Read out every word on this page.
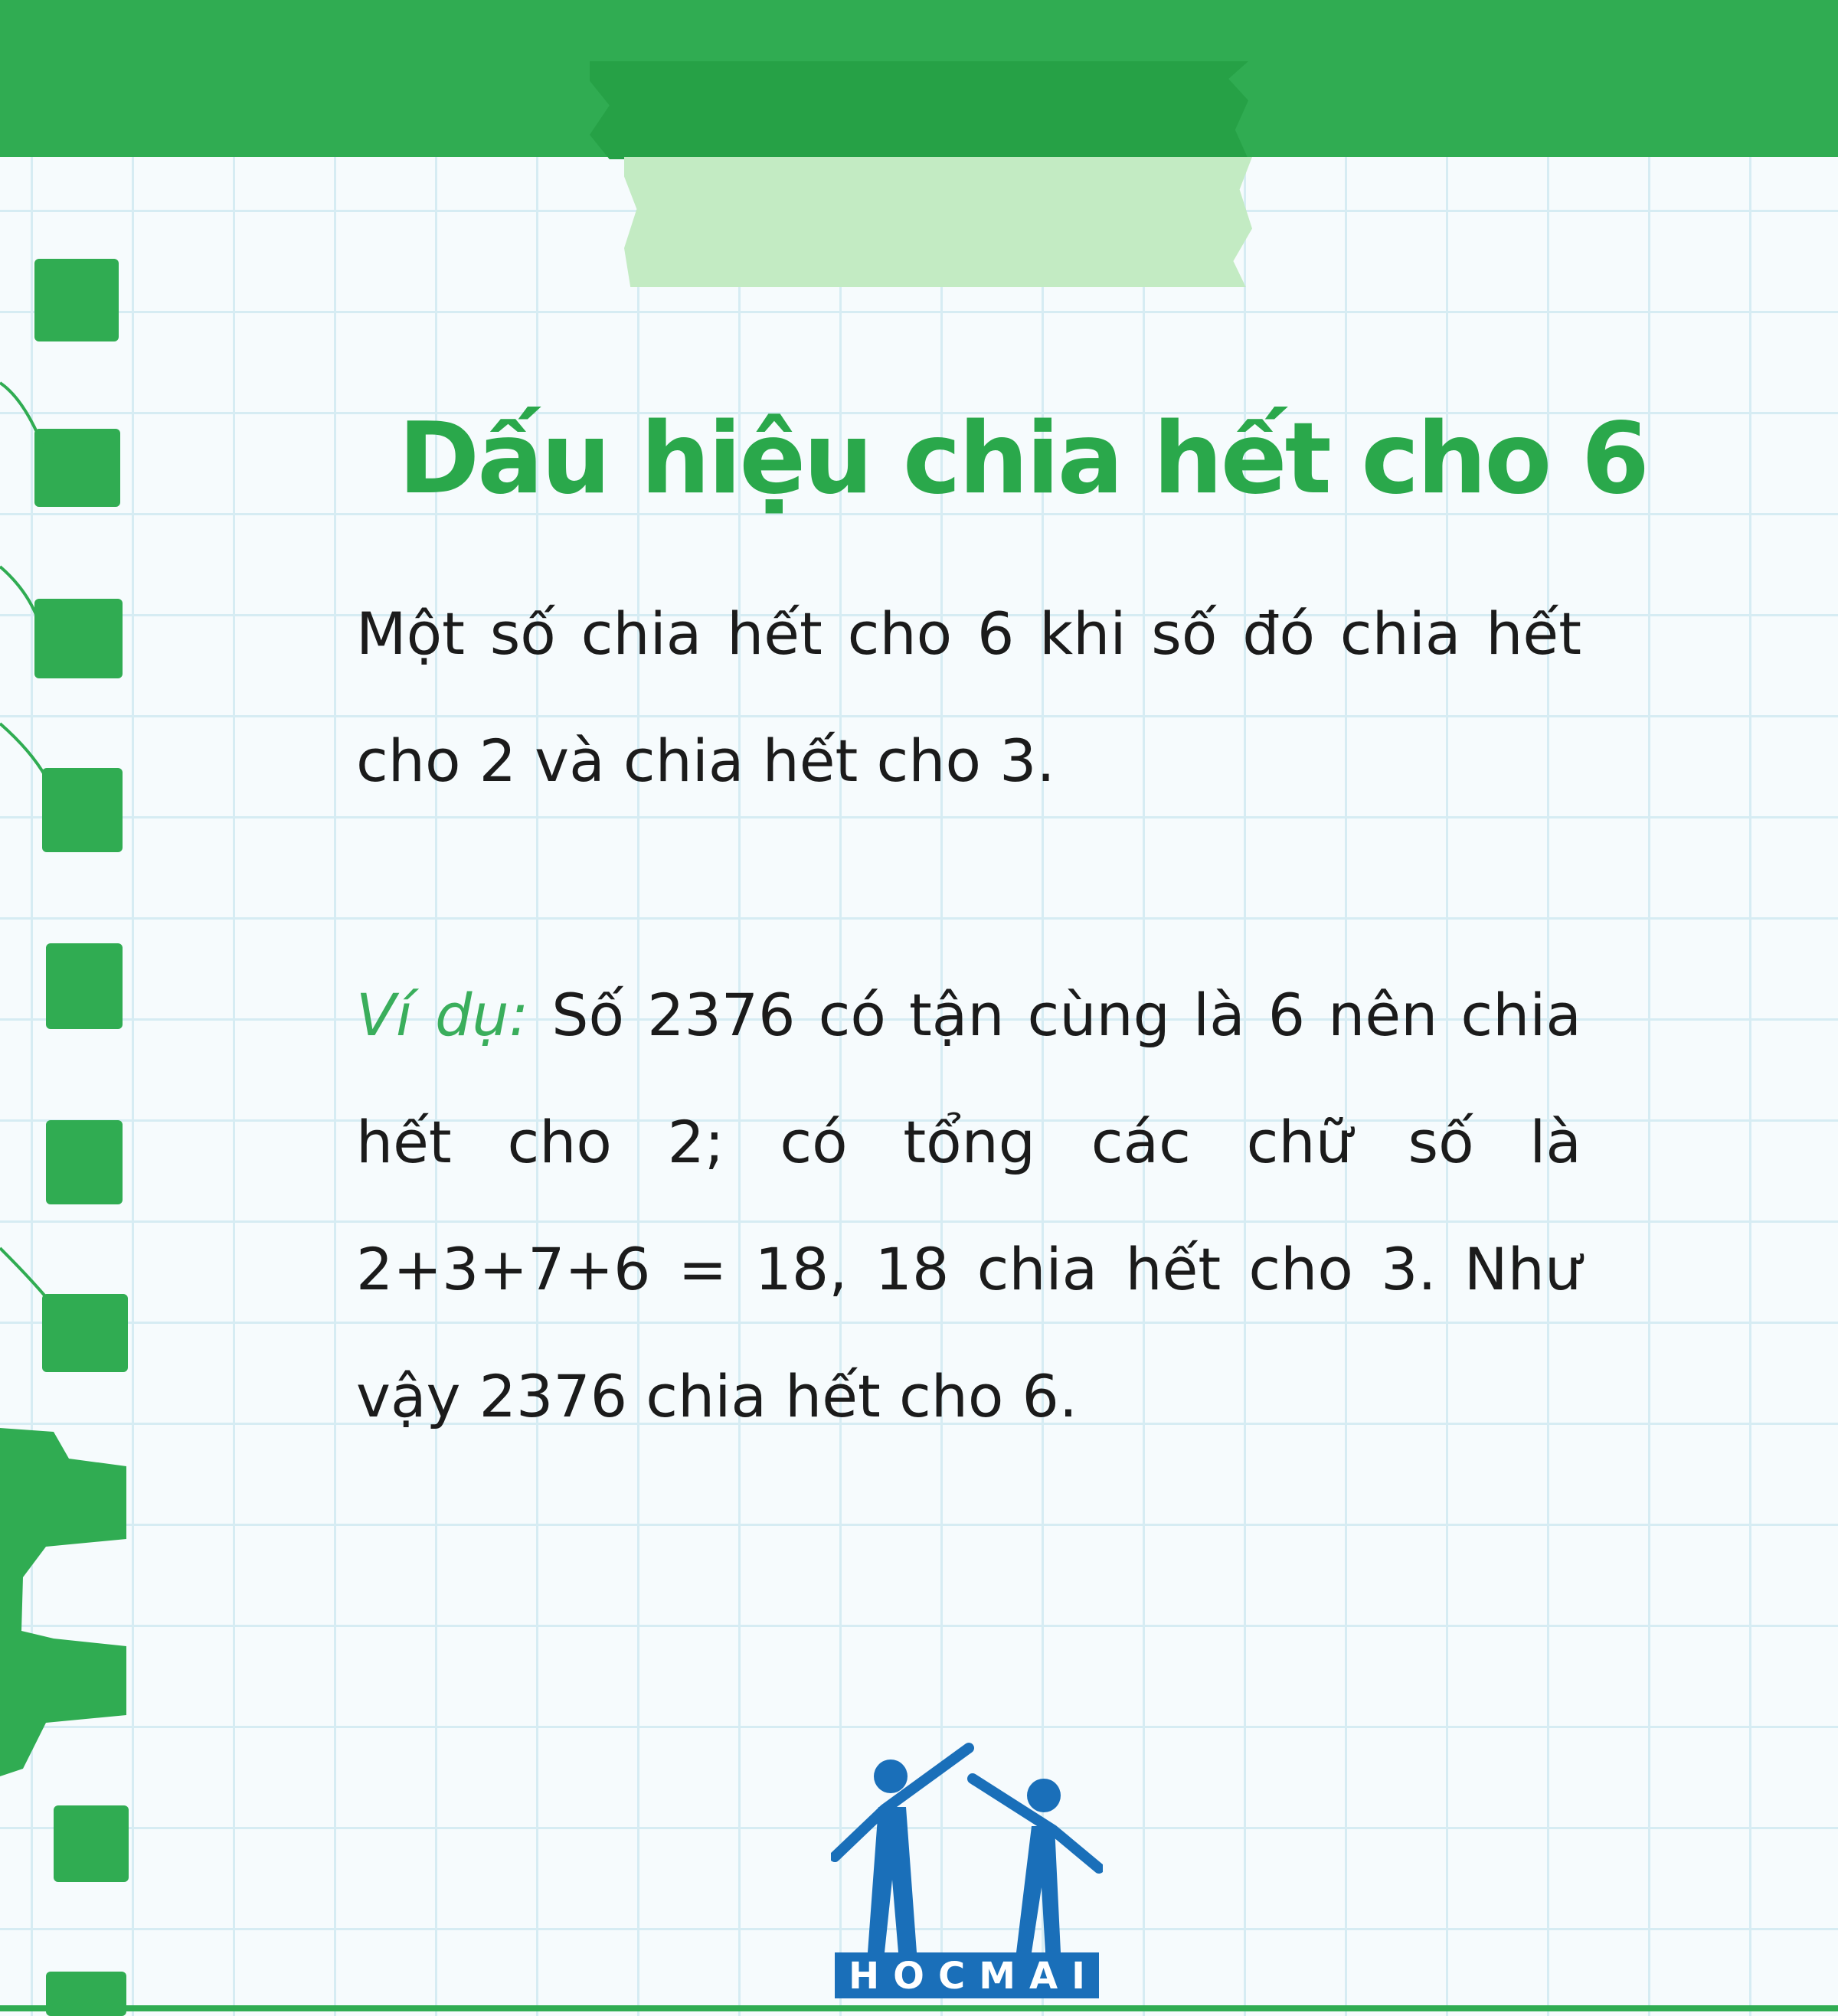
Dấu hiệu chia hết cho 6
Một số chia hết cho 6 khi số đó chia hết cho 2 và chia hết cho 3.
Ví dụ: Số 2376 có tận cùng là 6 nên chia hết cho 2; có tổng các chữ số là 2+3+7+6 = 18, 18 chia hết cho 3. Như vậy 2376 chia hết cho 6.
HOCMAI
